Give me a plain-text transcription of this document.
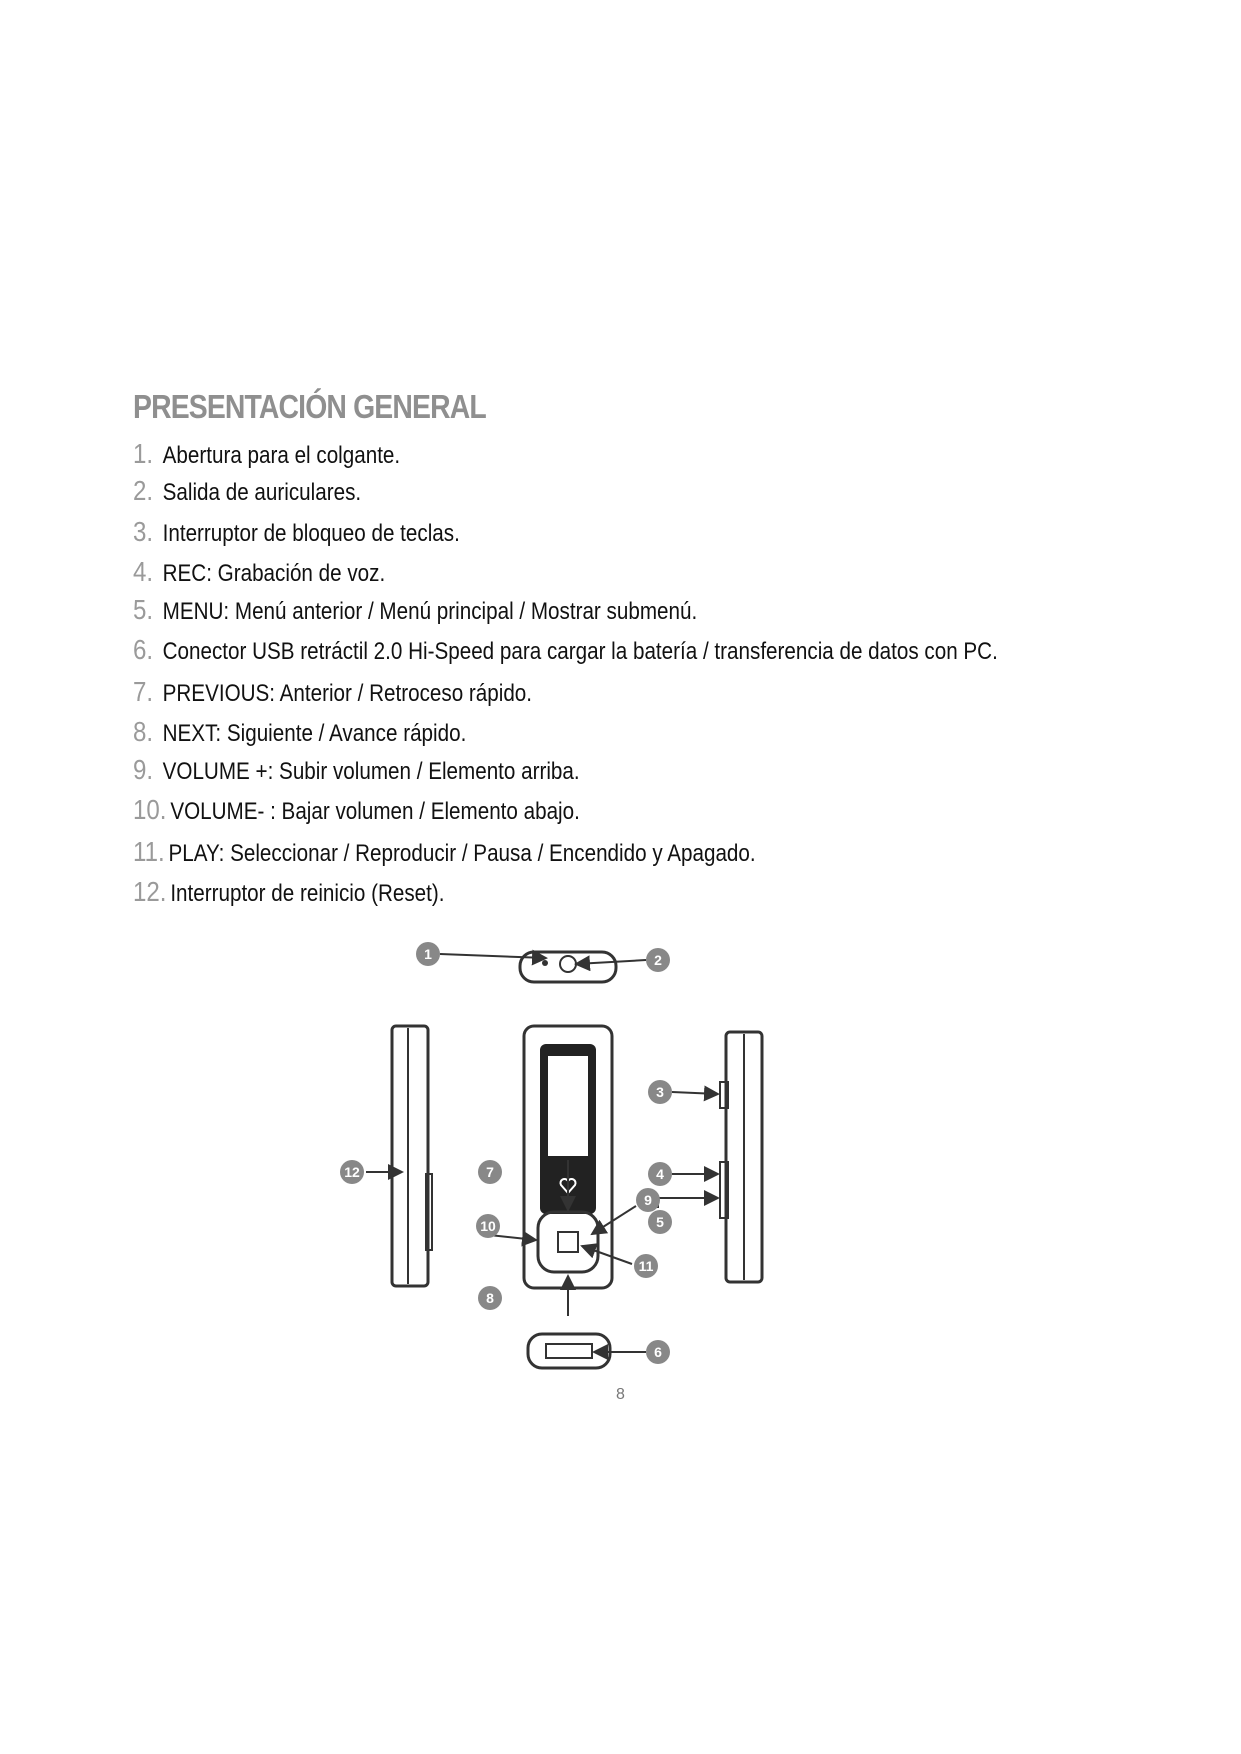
PRESENTACIÓN GENERAL
1. Abertura para el colgante.
2. Salida de auriculares.
3. Interruptor de bloqueo de teclas.
4. REC: Grabación de voz.
5. MENU: Menú anterior / Menú principal / Mostrar submenú.
6. Conector USB retráctil 2.0 Hi-Speed para cargar la batería / transferencia de datos con PC.
7. PREVIOUS: Anterior / Retroceso rápido.
8. NEXT: Siguiente / Avance rápido.
9. VOLUME +: Subir volumen / Elemento arriba.
10. VOLUME- : Bajar volumen / Elemento abajo.
11. PLAY: Seleccionar / Reproducir / Pausa / Encendido y Apagado.
12. Interruptor de reinicio (Reset).
1	2
3
4
5
6
7
8
9
10
11
12
8
